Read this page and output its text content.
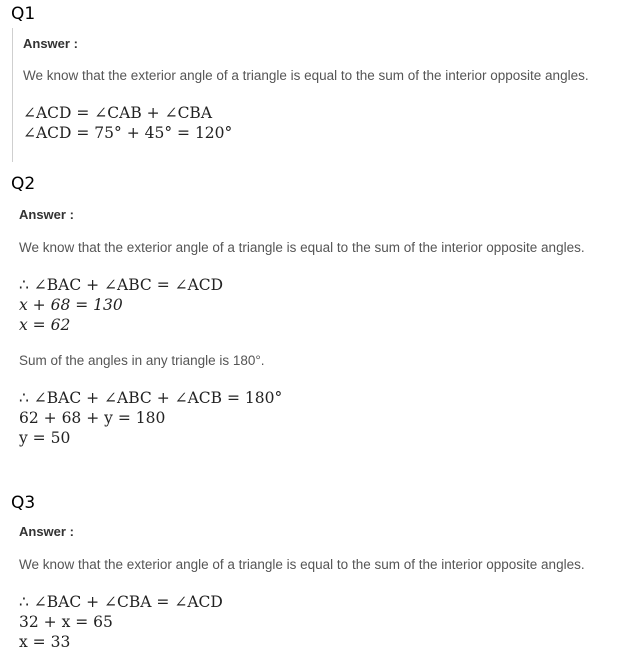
Q1

Answer :

We know that the exterior angle of a triangle is equal to the sum of the interior opposite angles.

∠ACD = ∠CAB + ∠CBA
∠ACD = 75° + 45° = 120°
Q2

Answer :

We know that the exterior angle of a triangle is equal to the sum of the interior opposite angles.

∴ ∠BAC + ∠ABC = ∠ACD
x + 68 = 130
x = 62

Sum of the angles in any triangle is 180°.

∴ ∠BAC + ∠ABC + ∠ACB = 180°
62 + 68 + y = 180
y = 50
Q3

Answer :

We know that the exterior angle of a triangle is equal to the sum of the interior opposite angles.

∴ ∠BAC + ∠CBA = ∠ACD
32 + x = 65
x = 33
